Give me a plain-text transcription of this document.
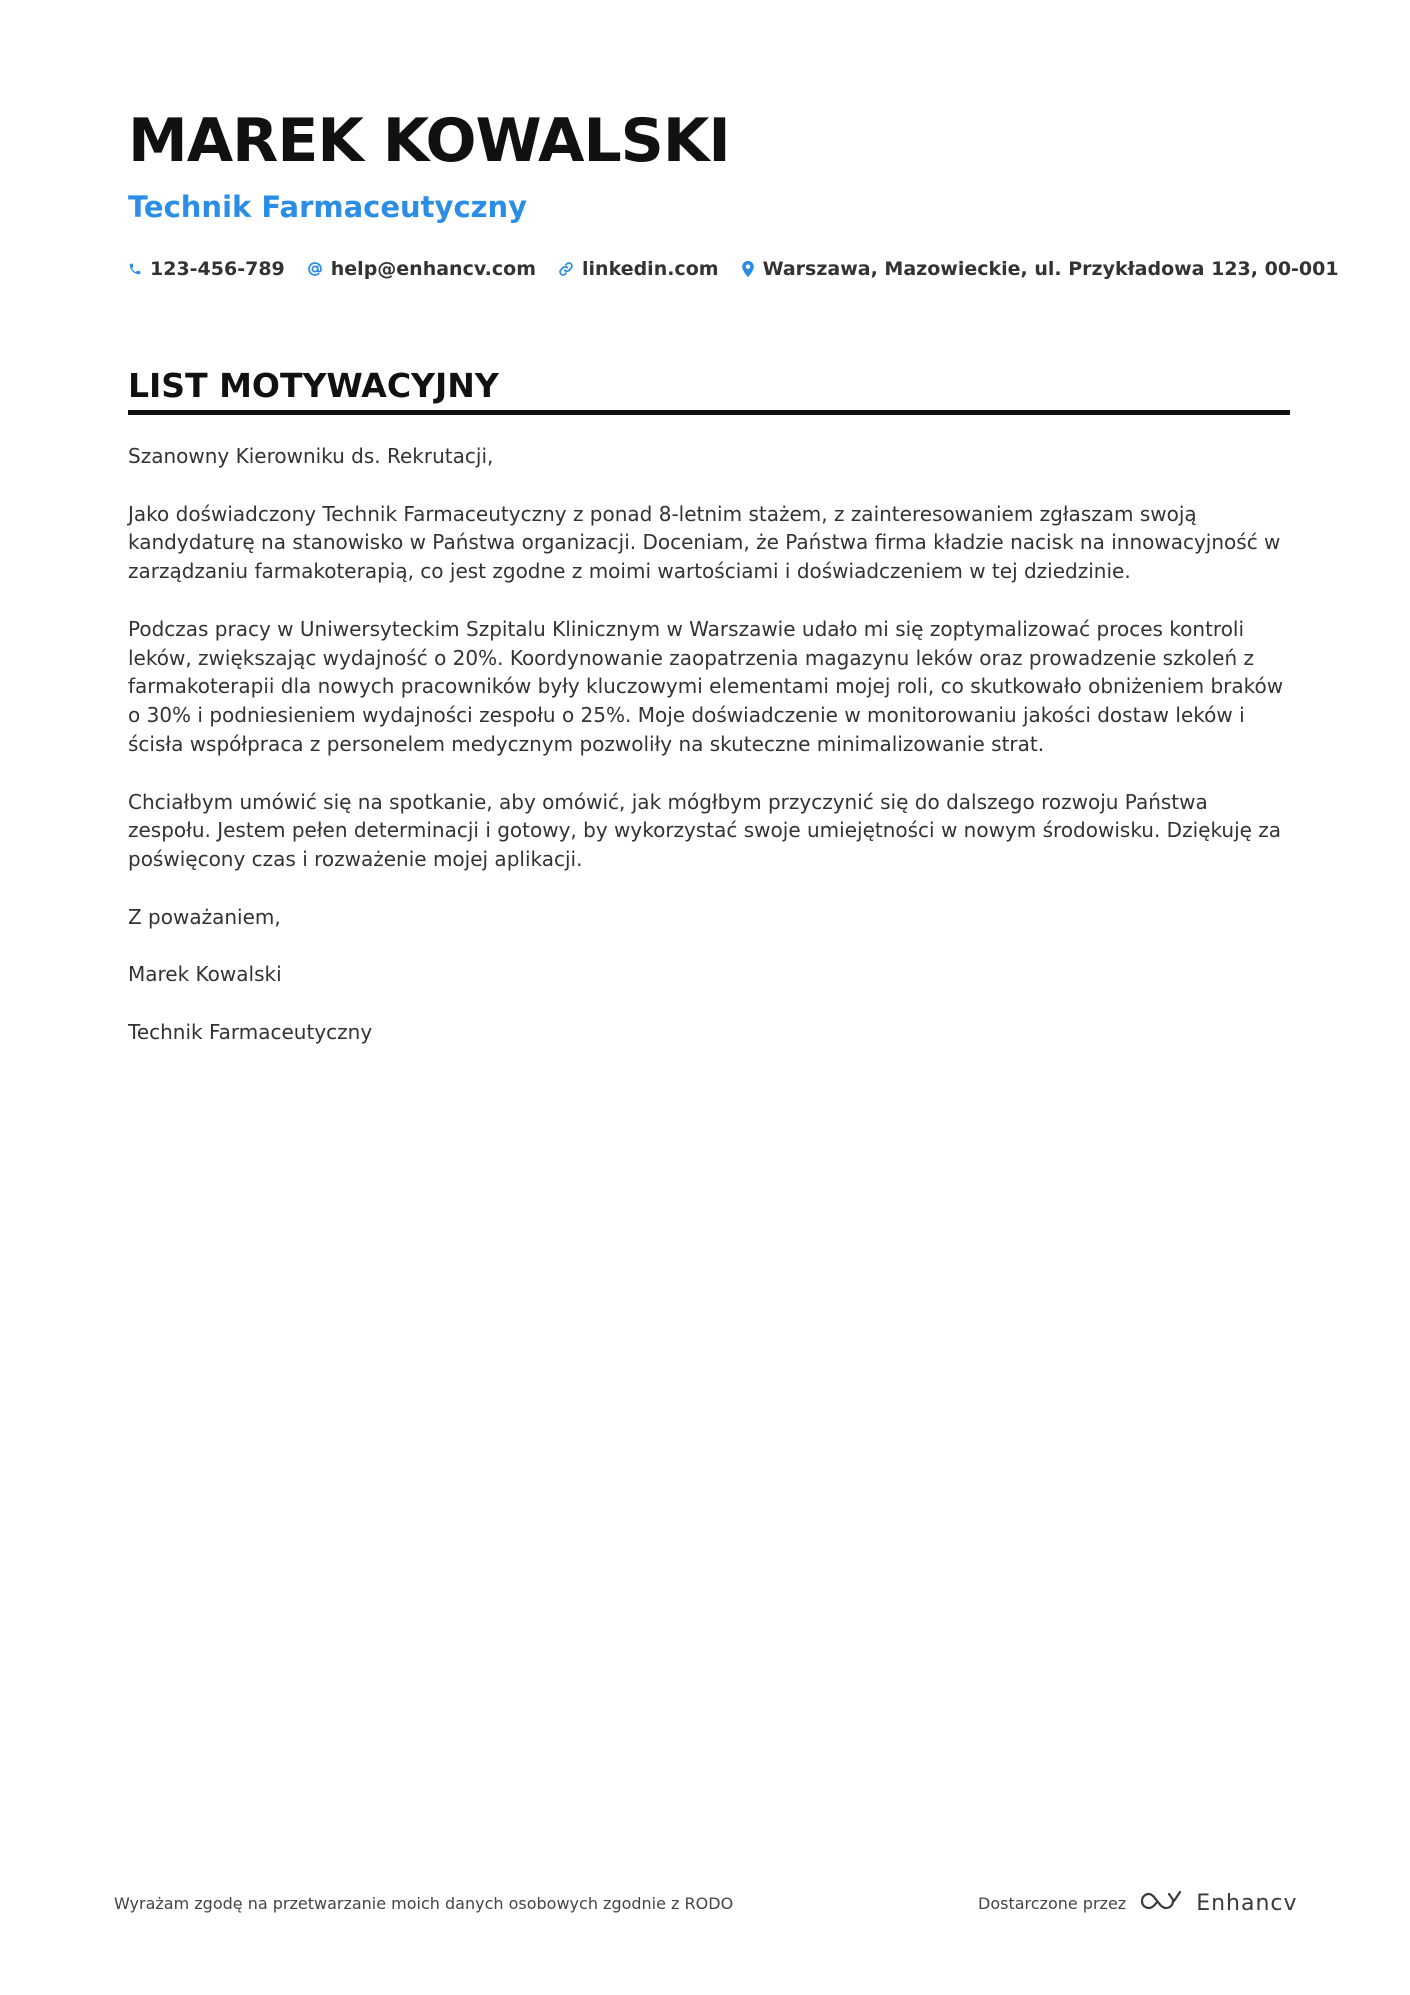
MAREK KOWALSKI
Technik Farmaceutyczny
123-456-789 help@enhancv.com linkedin.com Warszawa, Mazowieckie, ul. Przykładowa 123, 00-001
LIST MOTYWACYJNY

Szanowny Kierowniku ds. Rekrutacji,

Jako doświadczony Technik Farmaceutyczny z ponad 8-letnim stażem, z zainteresowaniem zgłaszam swoją kandydaturę na stanowisko w Państwa organizacji. Doceniam, że Państwa firma kładzie nacisk na innowacyjność w zarządzaniu farmakoterapią, co jest zgodne z moimi wartościami i doświadczeniem w tej dziedzinie.

Podczas pracy w Uniwersyteckim Szpitalu Klinicznym w Warszawie udało mi się zoptymalizować proces kontroli leków, zwiększając wydajność o 20%. Koordynowanie zaopatrzenia magazynu leków oraz prowadzenie szkoleń z farmakoterapii dla nowych pracowników były kluczowymi elementami mojej roli, co skutkowało obniżeniem braków o 30% i podniesieniem wydajności zespołu o 25%. Moje doświadczenie w monitorowaniu jakości dostaw leków i ścisła współpraca z personelem medycznym pozwoliły na skuteczne minimalizowanie strat.

Chciałbym umówić się na spotkanie, aby omówić, jak mógłbym przyczynić się do dalszego rozwoju Państwa zespołu. Jestem pełen determinacji i gotowy, by wykorzystać swoje umiejętności w nowym środowisku. Dziękuję za poświęcony czas i rozważenie mojej aplikacji.

Z poważaniem,

Marek Kowalski

Technik Farmaceutyczny

Wyrażam zgodę na przetwarzanie moich danych osobowych zgodnie z RODO	Dostarczone przez	Enhancv
